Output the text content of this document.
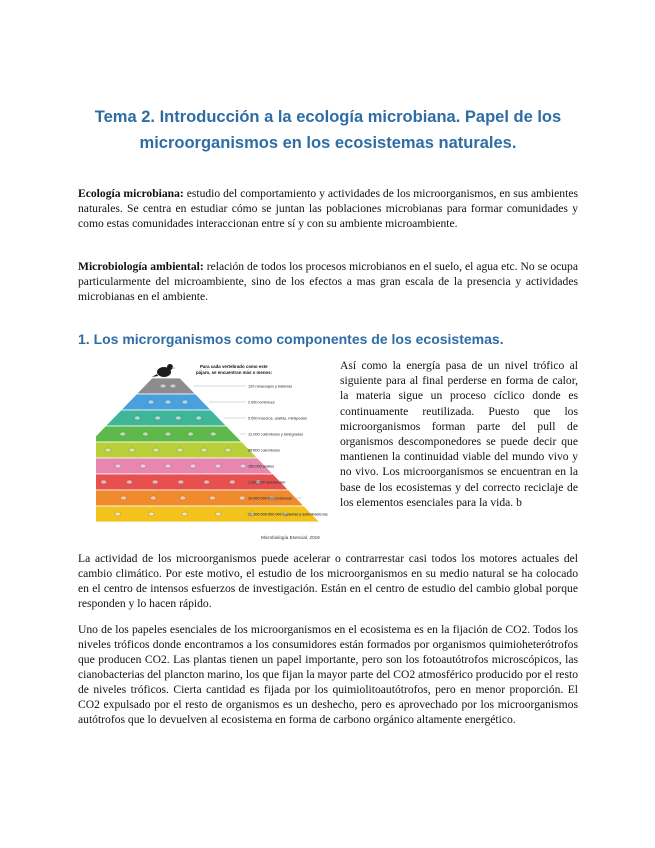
Tema 2. Introducción a la ecología microbiana. Papel de los microorganismos en los ecosistemas naturales.

Ecología microbiana: estudio del comportamiento y actividades de los microorganismos, en sus ambientes naturales. Se centra en estudiar cómo se juntan las poblaciones microbianas para formar comunidades y como estas comunidades interaccionan entre sí y con su ambiente microambiente.

Microbiología ambiental: relación de todos los procesos microbianos en el suelo, el agua etc. No se ocupa particularmente del microambiente, sino de los efectos a mas gran escala de la presencia y actividades microbianas en el ambiente.

1. Los microrganismos como componentes de los ecosistemas.
Para cada vertebrado como este
pájaro, se encuentran más o menos:
120 ranacuajos y ballenas
2.000 lombrices
5.000 insectos, arañas, miriápodos
12.000 colêmbolos y tardígrados
50.000 colembolos
150.000 ácaros
1.000.000 nematodos
10.000.000.000 protozoos
10.000.000.000.000 bacterias y actinobacterias
Microbiología Esencial, 2019

Así como la energía pasa de un nivel trófico al siguiente para al final perderse en forma de calor, la materia sigue un proceso cíclico donde es continuamente reutilizada. Puesto que los microorganismos forman parte del pull de organismos descomponedores se puede decir que mantienen la continuidad viable del mundo vivo y no vivo. Los microorganismos se encuentran en la base de los ecosistemas y del correcto reciclaje de los elementos esenciales para la vida. b

La actividad de los microorganismos puede acelerar o contrarrestar casi todos los motores actuales del cambio climático. Por este motivo, el estudio de los microorganismos en su medio natural se ha colocado en el centro de intensos esfuerzos de investigación. Están en el centro de estudio del cambio global porque responden y lo hacen rápido.

Uno de los papeles esenciales de los microorganismos en el ecosistema es en la fijación de CO2. Todos los niveles tróficos donde encontramos a los consumidores están formados por organismos quimioheterótrofos que producen CO2. Las plantas tienen un papel importante, pero son los fotoautótrofos microscópicos, las cianobacterias del plancton marino, los que fijan la mayor parte del CO2 atmosférico producido por el resto de niveles tróficos. Cierta cantidad es fijada por los quimiolitoautótrofos, pero en menor proporción. El CO2 expulsado por el resto de organismos es un deshecho, pero es aprovechado por los microorganismos autótrofos que lo devuelven al ecosistema en forma de carbono orgánico altamente energético.
